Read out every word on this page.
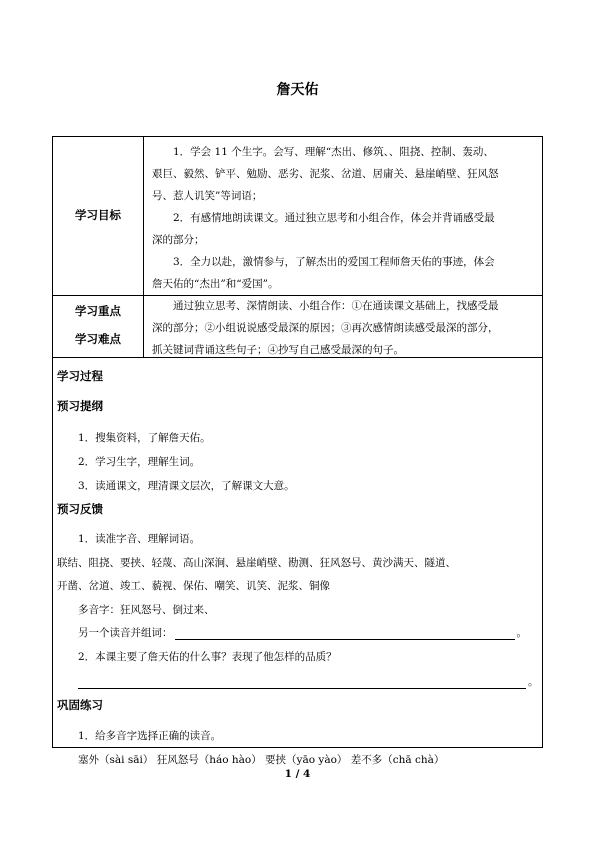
詹天佑
学习目标

1．学会 11 个生字。会写、理解“杰出、修筑、、阻挠、控制、轰动、

艰巨、毅然、铲平、勉励、恶劣、泥浆、岔道、居庸关、悬崖峭壁、狂风怒

号、惹人讥笑”等词语；

2．有感情地朗读课文。通过独立思考和小组合作，体会并背诵感受最

深的部分；

3．全力以赴，激情参与，了解杰出的爱国工程师詹天佑的事迹，体会

詹天佑的“杰出”和“爱国”。

学习重点
学习难点

通过独立思考、深情朗读、小组合作：①在通读课文基础上，找感受最

深的部分；②小组说说感受最深的原因；③再次感情朗读感受最深的部分，

抓关键词背诵这些句子；④抄写自己感受最深的句子。

学习过程
预习提纲
1．搜集资料，了解詹天佑。
2．学习生字，理解生词。
3．读通课文，理清课文层次，了解课文大意。
预习反馈
1．读准字音、理解词语。
联结、阻挠、要挟、轻蔑、高山深涧、悬崖峭壁、勘测、狂风怒号、黄沙满天、隧道、
开凿、岔道、竣工、藐视、保佑、嘲笑、讥笑、泥浆、铜像
多音字：狂风怒号、倒过来、
另一个读音并组词：	。
2．本课主要了詹天佑的什么事？表现了他怎样的品质？
。
巩固练习
1．给多音字选择正确的读音。
塞外（sài sāi） 狂风怒号（háo hào） 要挟（yāo yào） 差不多（chā chà）
1 / 4
